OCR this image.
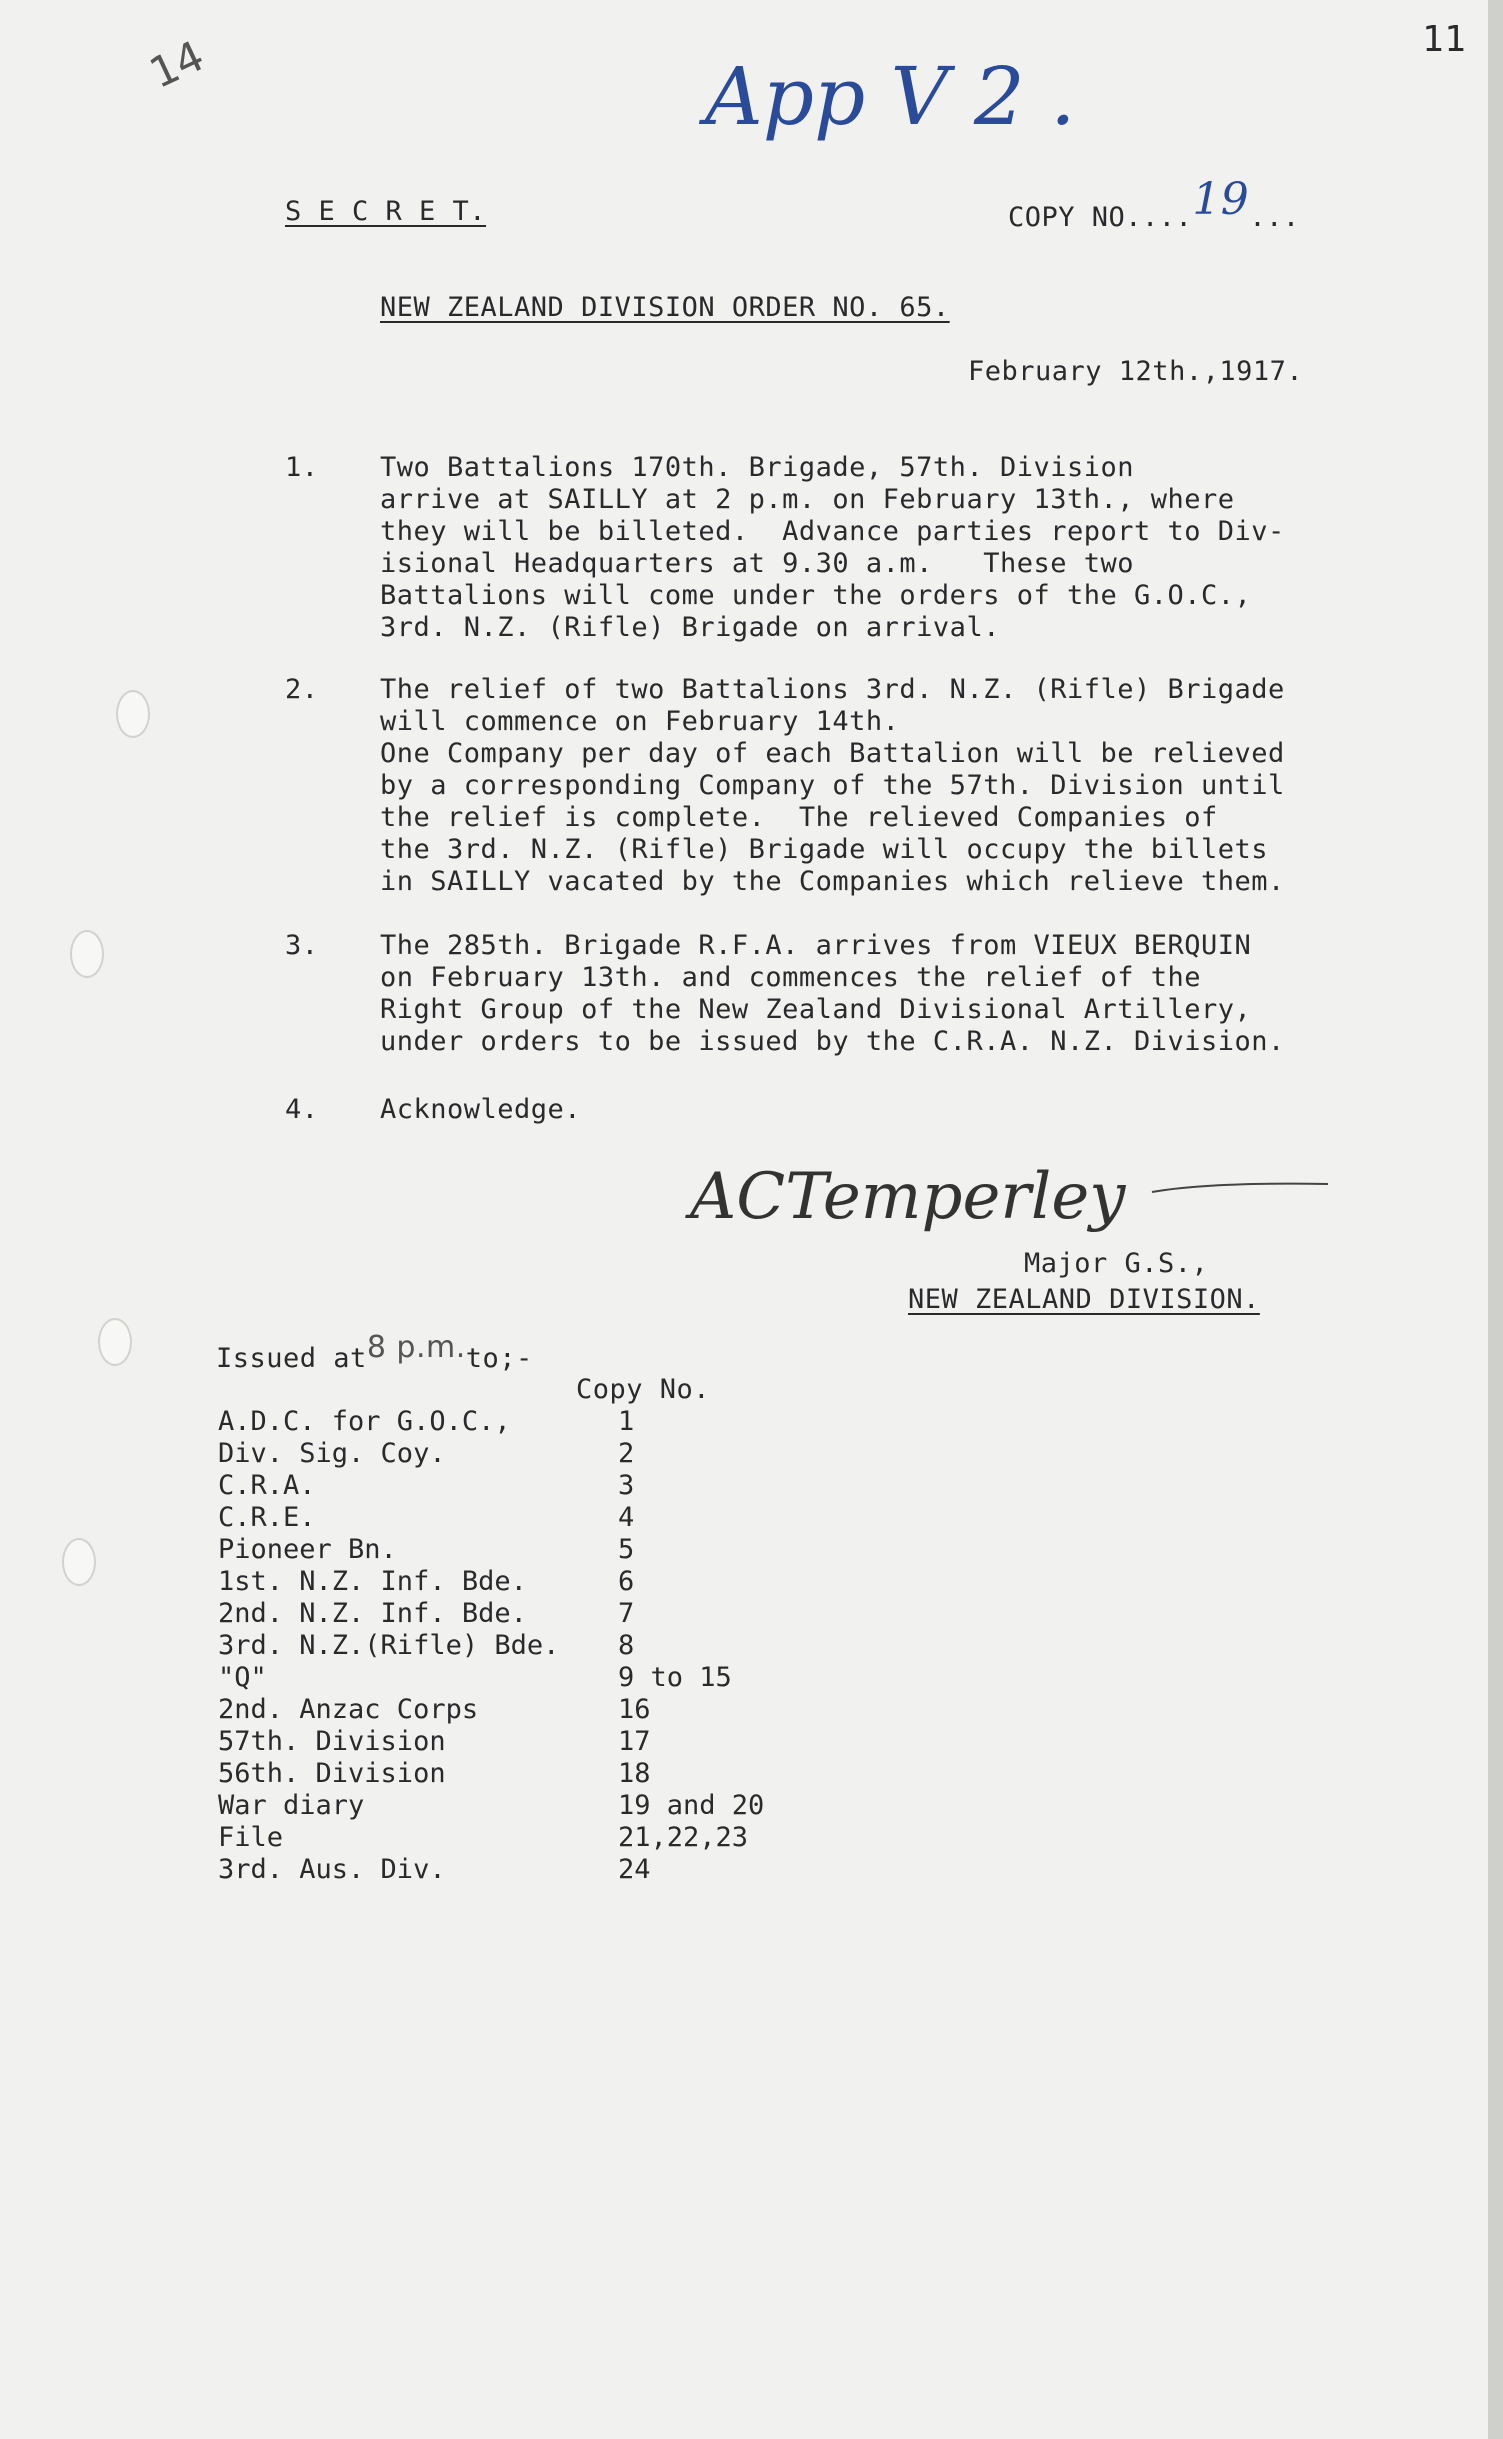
14	11
App V 2 .
S E C R E T.	COPY NO....19...
NEW ZEALAND DIVISION ORDER NO. 65.
February 12th.,1917.
1. Two Battalions 170th. Brigade, 57th. Division
arrive at SAILLY at 2 p.m. on February 13th., where
they will be billeted.  Advance parties report to Div-
isional Headquarters at 9.30 a.m.   These two
Battalions will come under the orders of the G.O.C.,
3rd. N.Z. (Rifle) Brigade on arrival.
2. The relief of two Battalions 3rd. N.Z. (Rifle) Brigade
will commence on February 14th.
One Company per day of each Battalion will be relieved
by a corresponding Company of the 57th. Division until
the relief is complete.  The relieved Companies of
the 3rd. N.Z. (Rifle) Brigade will occupy the billets
in SAILLY vacated by the Companies which relieve them.
3. The 285th. Brigade R.F.A. arrives from VIEUX BERQUIN
on February 13th. and commences the relief of the
Right Group of the New Zealand Divisional Artillery,
under orders to be issued by the C.R.A. N.Z. Division.
4. Acknowledge.
ACTemperley
Major G.S.,
NEW ZEALAND DIVISION.
Issued at8 p.m.to;-
Copy No.
A.D.C. for G.O.C.,	1
Div. Sig. Coy.	2
C.R.A.	3
C.R.E.	4
Pioneer Bn.	5
1st. N.Z. Inf. Bde.	6
2nd. N.Z. Inf. Bde.	7
3rd. N.Z.(Rifle) Bde. 8
"Q"	9 to 15
2nd. Anzac Corps	16
57th. Division	17
56th. Division	18
War diary	19 and 20
File	21,22,23
3rd. Aus. Div.	24
